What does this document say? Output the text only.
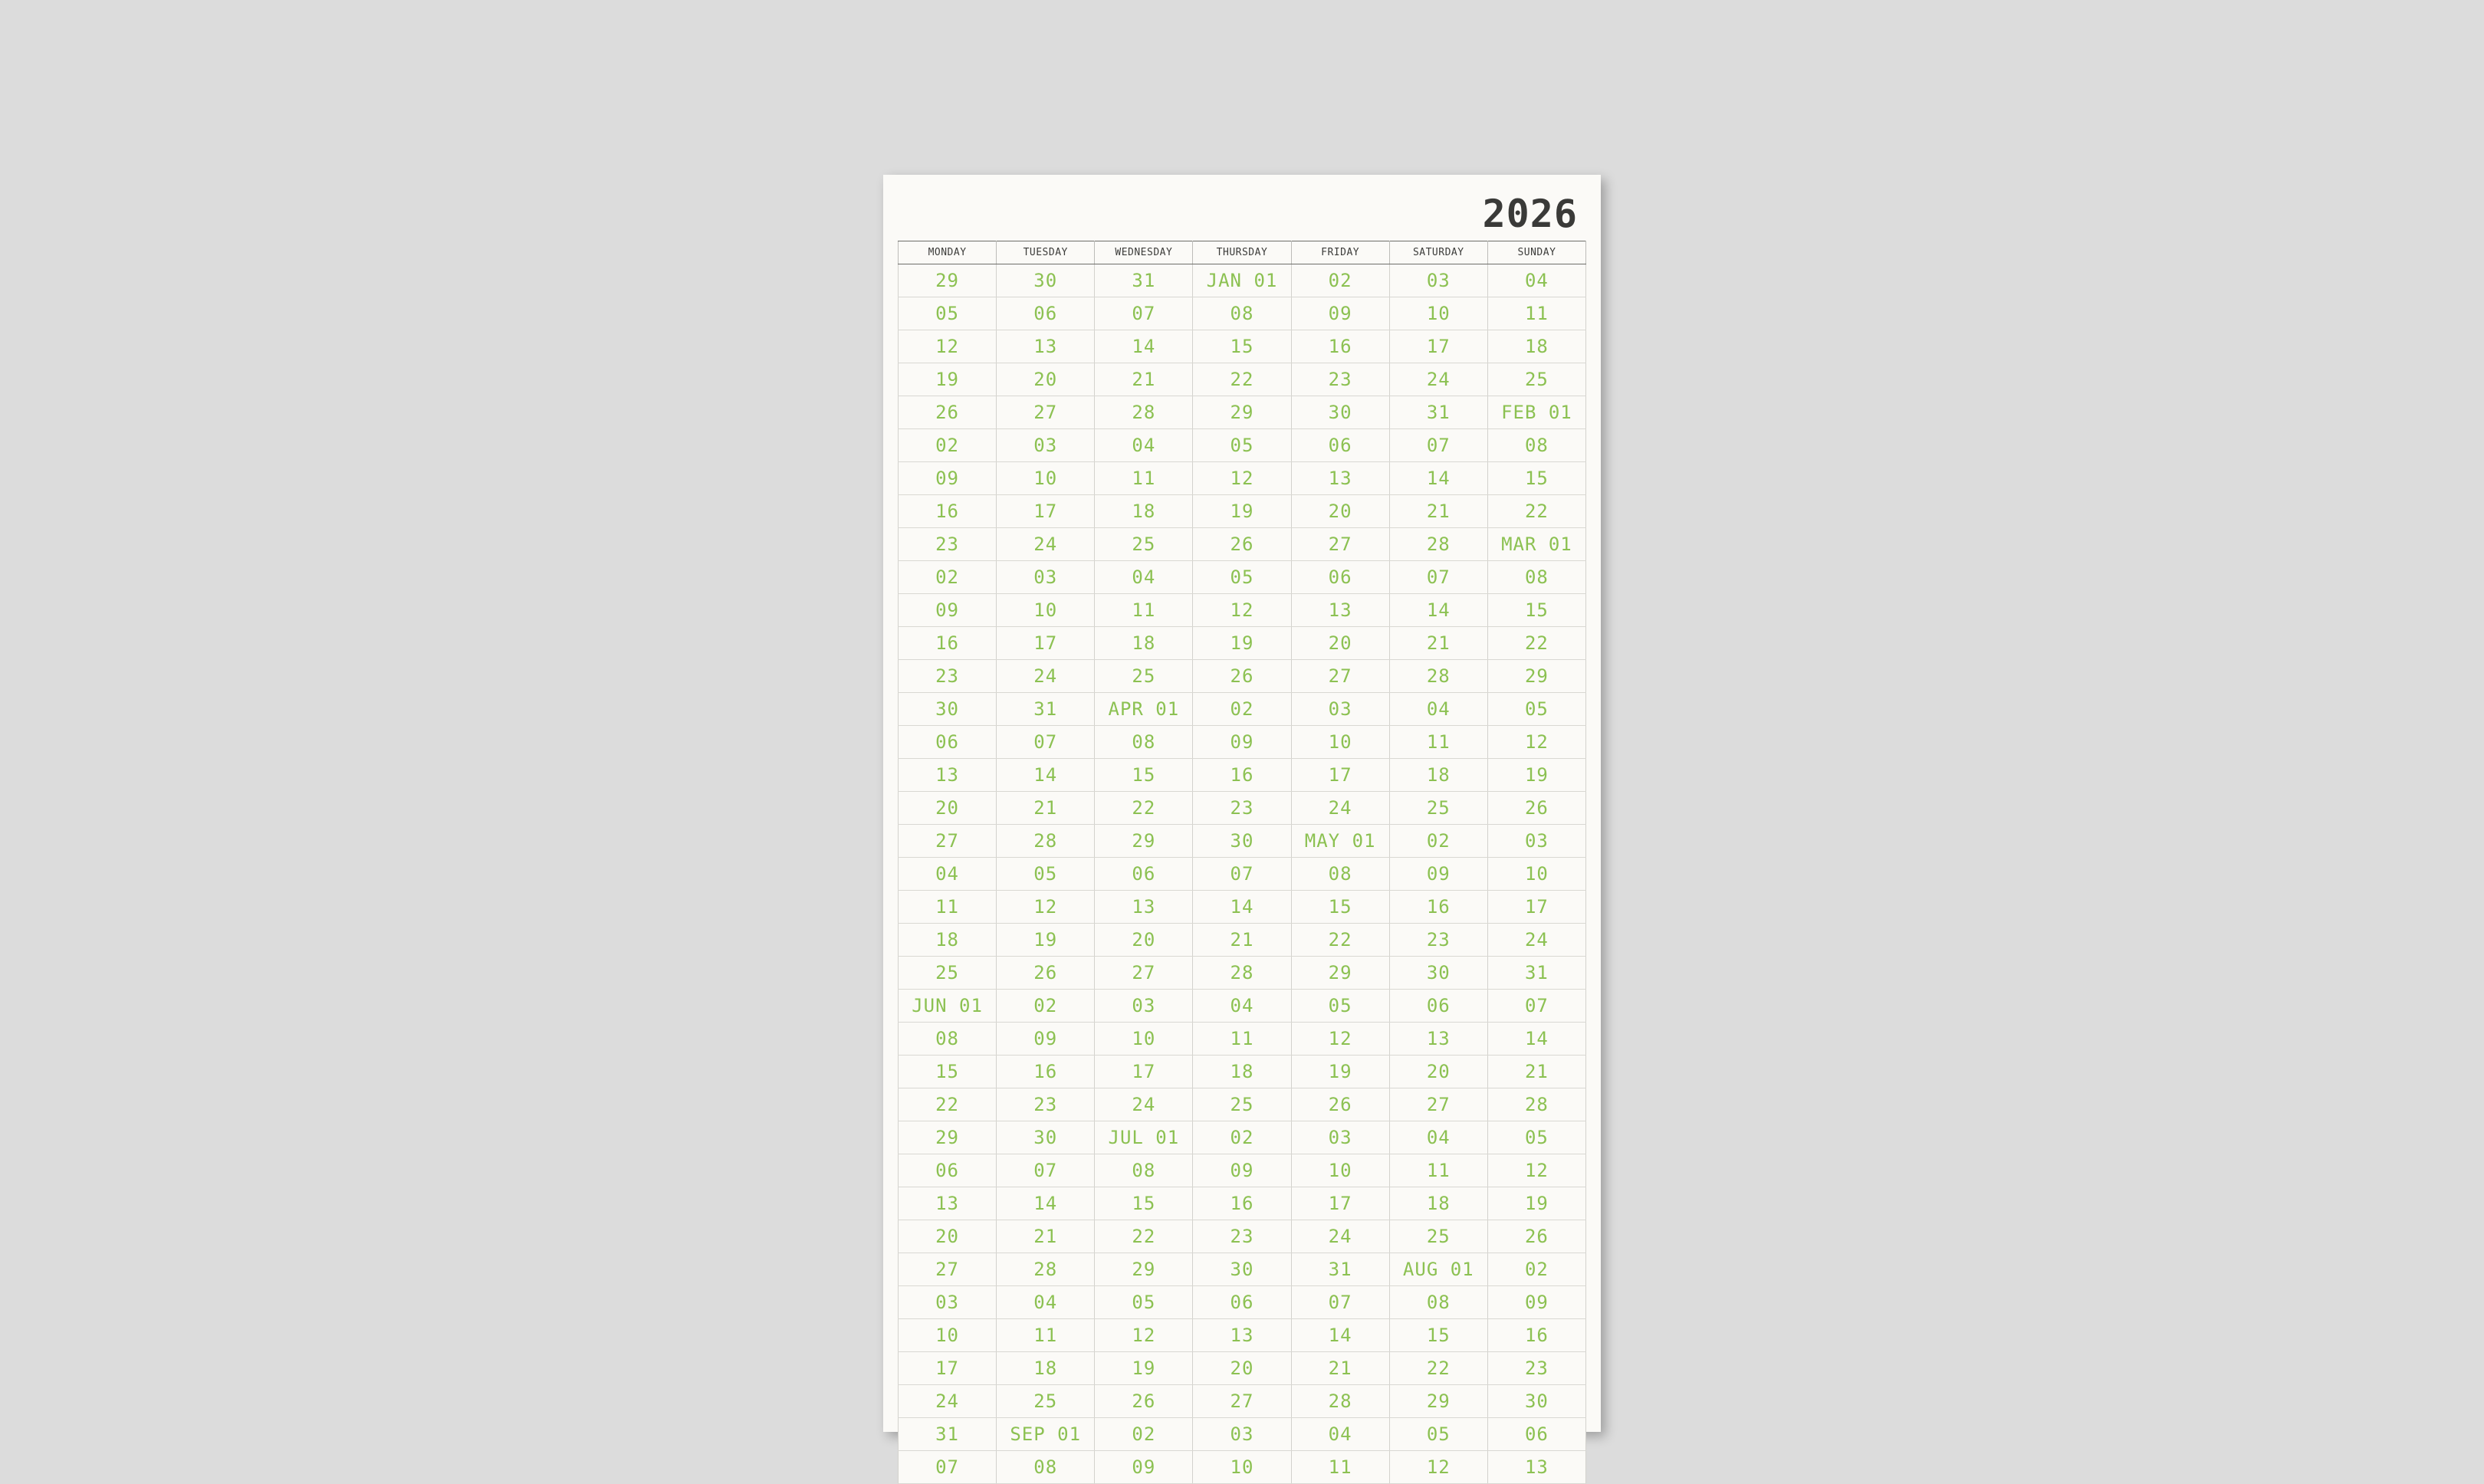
2026
MONDAY	TUESDAY	WEDNESDAY	THURSDAY	FRIDAY	SATURDAY	SUNDAY
29	30	31	JAN 01	02	03	04
05	06	07	08	09	10	11
12	13	14	15	16	17	18
19	20	21	22	23	24	25
26	27	28	29	30	31	FEB 01
02	03	04	05	06	07	08
09	10	11	12	13	14	15
16	17	18	19	20	21	22
23	24	25	26	27	28	MAR 01
02	03	04	05	06	07	08
09	10	11	12	13	14	15
16	17	18	19	20	21	22
23	24	25	26	27	28	29
30	31	APR 01	02	03	04	05
06	07	08	09	10	11	12
13	14	15	16	17	18	19
20	21	22	23	24	25	26
27	28	29	30	MAY 01	02	03
04	05	06	07	08	09	10
11	12	13	14	15	16	17
18	19	20	21	22	23	24
25	26	27	28	29	30	31
JUN 01	02	03	04	05	06	07
08	09	10	11	12	13	14
15	16	17	18	19	20	21
22	23	24	25	26	27	28
29	30	JUL 01	02	03	04	05
06	07	08	09	10	11	12
13	14	15	16	17	18	19
20	21	22	23	24	25	26
27	28	29	30	31	AUG 01	02
03	04	05	06	07	08	09
10	11	12	13	14	15	16
17	18	19	20	21	22	23
24	25	26	27	28	29	30
31	SEP 01	02	03	04	05	06
07	08	09	10	11	12	13
